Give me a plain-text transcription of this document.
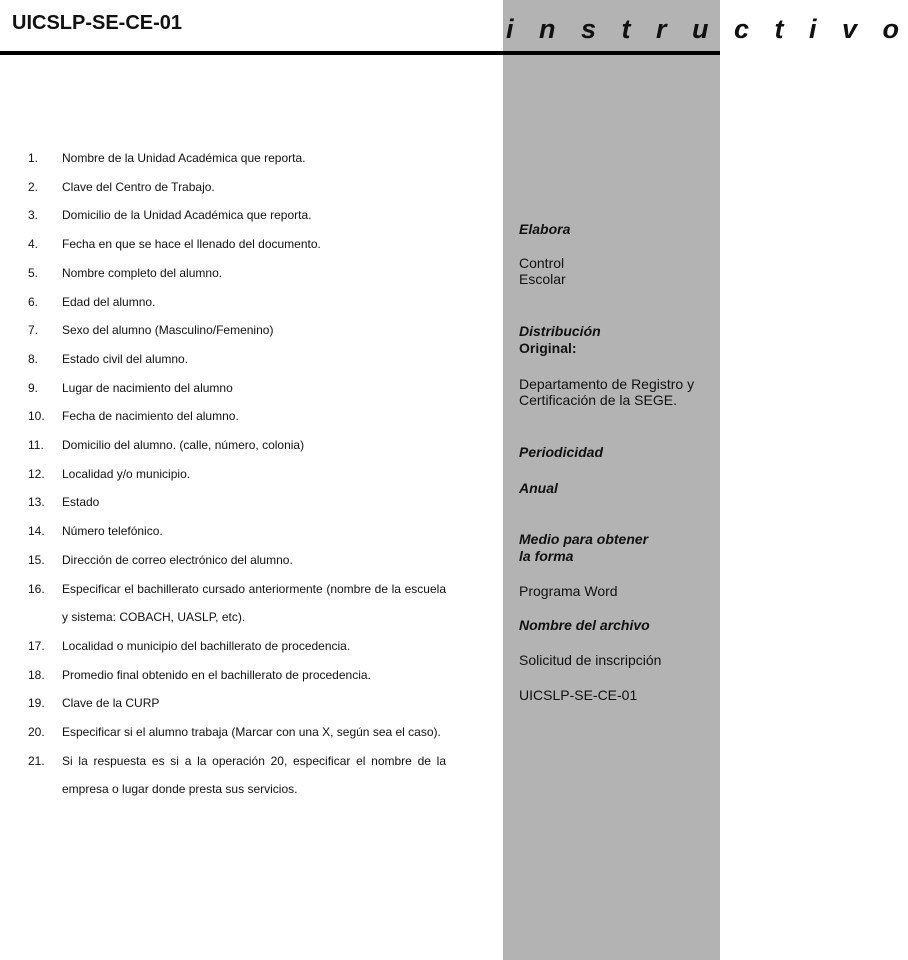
UICSLP-SE-CE-01	i n s t r u c t i v o
1.	Nombre de la Unidad Académica que reporta.
2.	Clave del Centro de Trabajo.
3.	Domicilio de la Unidad Académica que reporta.
4.	Fecha en que se hace el llenado del documento.
5.	Nombre completo del alumno.
6.	Edad del alumno.
7.	Sexo del alumno (Masculino/Femenino)
8.	Estado civil del alumno.
9.	Lugar de nacimiento del alumno
10.	Fecha de nacimiento del alumno.
11.	Domicilio del alumno. (calle, número, colonia)
12.	Localidad y/o municipio.
13.	Estado
14.	Número telefónico.
15.	Dirección de correo electrónico del alumno.
16.	Especificar el bachillerato cursado anteriormente (nombre de la escuela y sistema: COBACH, UASLP, etc).
17.	Localidad o municipio del bachillerato de procedencia.
18.	Promedio final obtenido en el bachillerato de procedencia.
19.	Clave de la CURP
20.	Especificar si el alumno trabaja (Marcar con una X, según sea el caso).
21.	Si la respuesta es si a la operación 20, especificar el nombre de la empresa o lugar donde presta sus servicios.
Elabora
Control
Escolar
Distribución
Original:
Departamento de Registro y Certificación de la SEGE.
Periodicidad
Anual
Medio para obtener
la forma
Programa Word
Nombre del archivo
Solicitud de inscripción
UICSLP-SE-CE-01
